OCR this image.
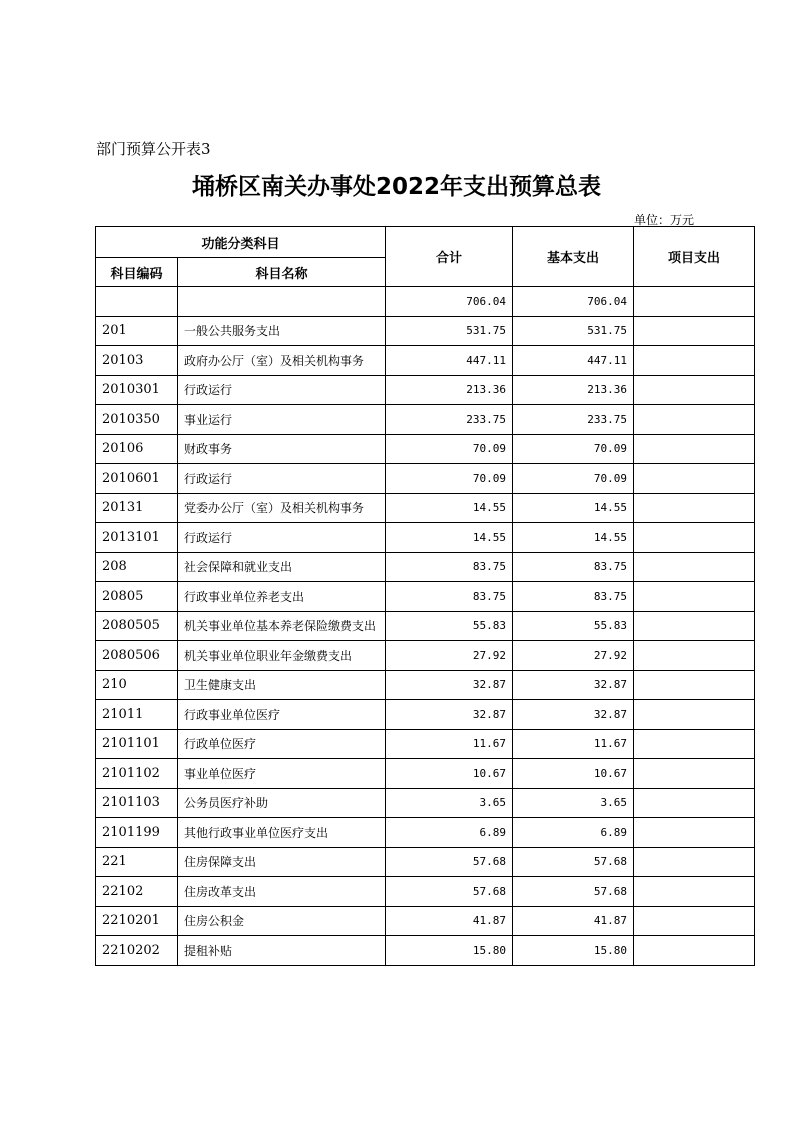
部门预算公开表3
埇桥区南关办事处2022年支出预算总表
单位：万元
功能分类科目		合计	基本支出	项目支出
科目编码	科目名称			
		706.04	706.04	
201	一般公共服务支出	531.75	531.75	
20103	政府办公厅（室）及相关机构事务	447.11	447.11	
2010301	行政运行	213.36	213.36	
2010350	事业运行	233.75	233.75	
20106	财政事务	70.09	70.09	
2010601	行政运行	70.09	70.09	
20131	党委办公厅（室）及相关机构事务	14.55	14.55	
2013101	行政运行	14.55	14.55	
208	社会保障和就业支出	83.75	83.75	
20805	行政事业单位养老支出	83.75	83.75	
2080505	机关事业单位基本养老保险缴费支出	55.83	55.83	
2080506	机关事业单位职业年金缴费支出	27.92	27.92	
210	卫生健康支出	32.87	32.87	
21011	行政事业单位医疗	32.87	32.87	
2101101	行政单位医疗	11.67	11.67	
2101102	事业单位医疗	10.67	10.67	
2101103	公务员医疗补助	3.65	3.65	
2101199	其他行政事业单位医疗支出	6.89	6.89	
221	住房保障支出	57.68	57.68	
22102	住房改革支出	57.68	57.68	
2210201	住房公积金	41.87	41.87	
2210202	提租补贴	15.80	15.80	
